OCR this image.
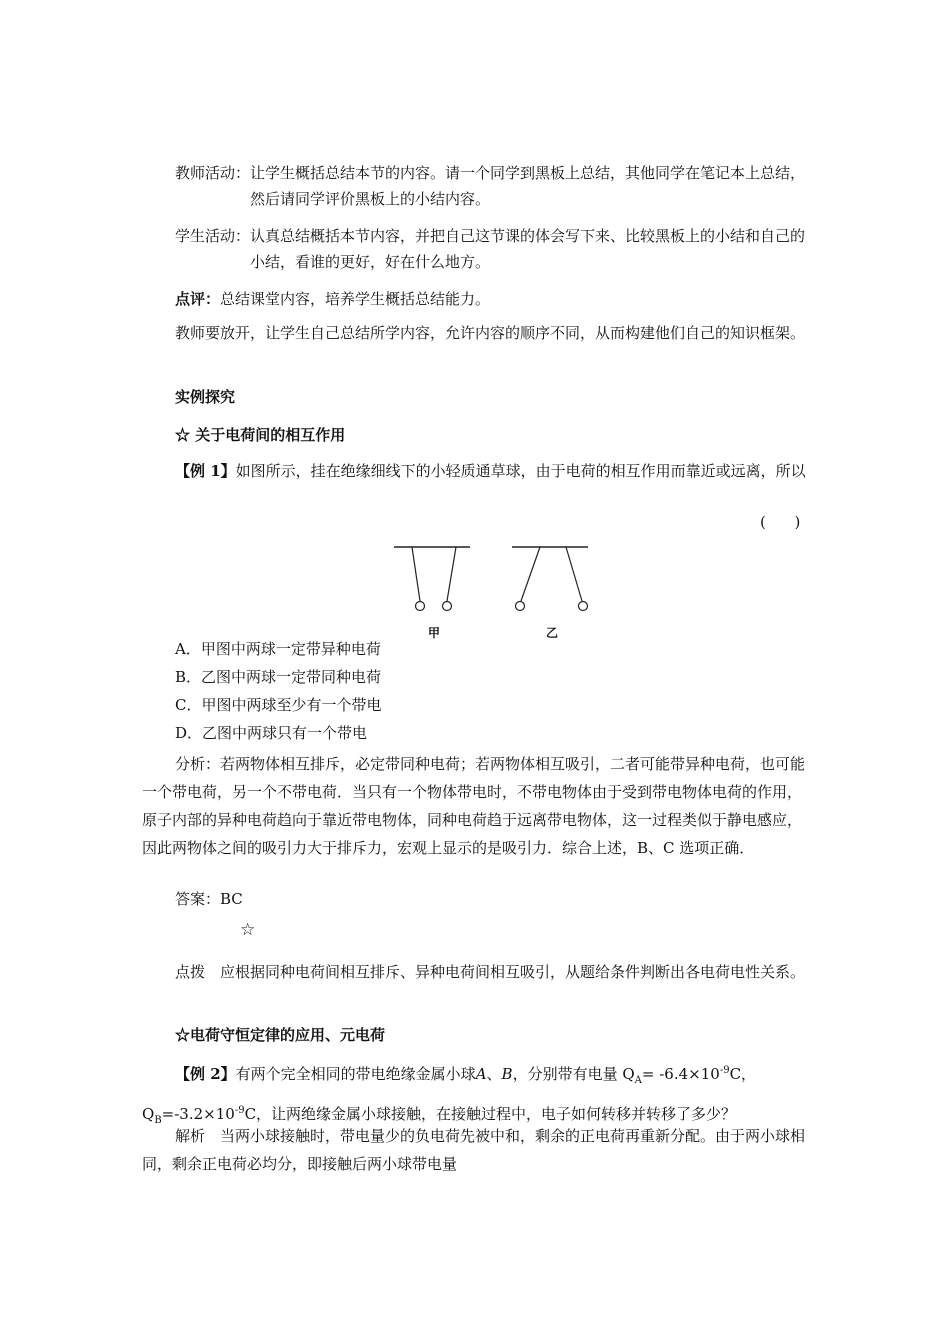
教师活动： 让学生概括总结本节的内容。请一个同学到黑板上总结，其他同学在笔记本上总结，然后请同学评价黑板上的小结内容。
学生活动： 认真总结概括本节内容，并把自己这节课的体会写下来、比较黑板上的小结和自己的小结，看谁的更好，好在什么地方。
点评：总结课堂内容，培养学生概括总结能力。

教师要放开，让学生自己总结所学内容，允许内容的顺序不同，从而构建他们自己的知识框架。

实例探究

☆ 关于电荷间的相互作用

【例 1】如图所示，挂在绝缘细线下的小轻质通草球，由于电荷的相互作用而靠近或远离，所以

(      )
甲	乙

A．甲图中两球一定带异种电荷

B．乙图中两球一定带同种电荷

C．甲图中两球至少有一个带电

D．乙图中两球只有一个带电

分析：若两物体相互排斥，必定带同种电荷；若两物体相互吸引，二者可能带异种电荷，也可能一个带电荷，另一个不带电荷．当只有一个物体带电时，不带电物体由于受到带电物体电荷的作用，原子内部的异种电荷趋向于靠近带电物体，同种电荷趋于远离带电物体，这一过程类似于静电感应，因此两物体之间的吸引力大于排斥力，宏观上显示的是吸引力．综合上述，B、C 选项正确．

答案：BC

☆

点拨　应根据同种电荷间相互排斥、异种电荷间相互吸引，从题给条件判断出各电荷电性关系。

☆电荷守恒定律的应用、元电荷

【例 2】有两个完全相同的带电绝缘金属小球A、B，分别带有电量 $Q_A= -6.4\times 10^{-9}C$，$Q_B=-3.2\times 10^{-9}C$，让两绝缘金属小球接触，在接触过程中，电子如何转移并转移了多少？

解析　当两小球接触时，带电量少的负电荷先被中和，剩余的正电荷再重新分配。由于两小球相同，剩余正电荷必均分，即接触后两小球带电量
